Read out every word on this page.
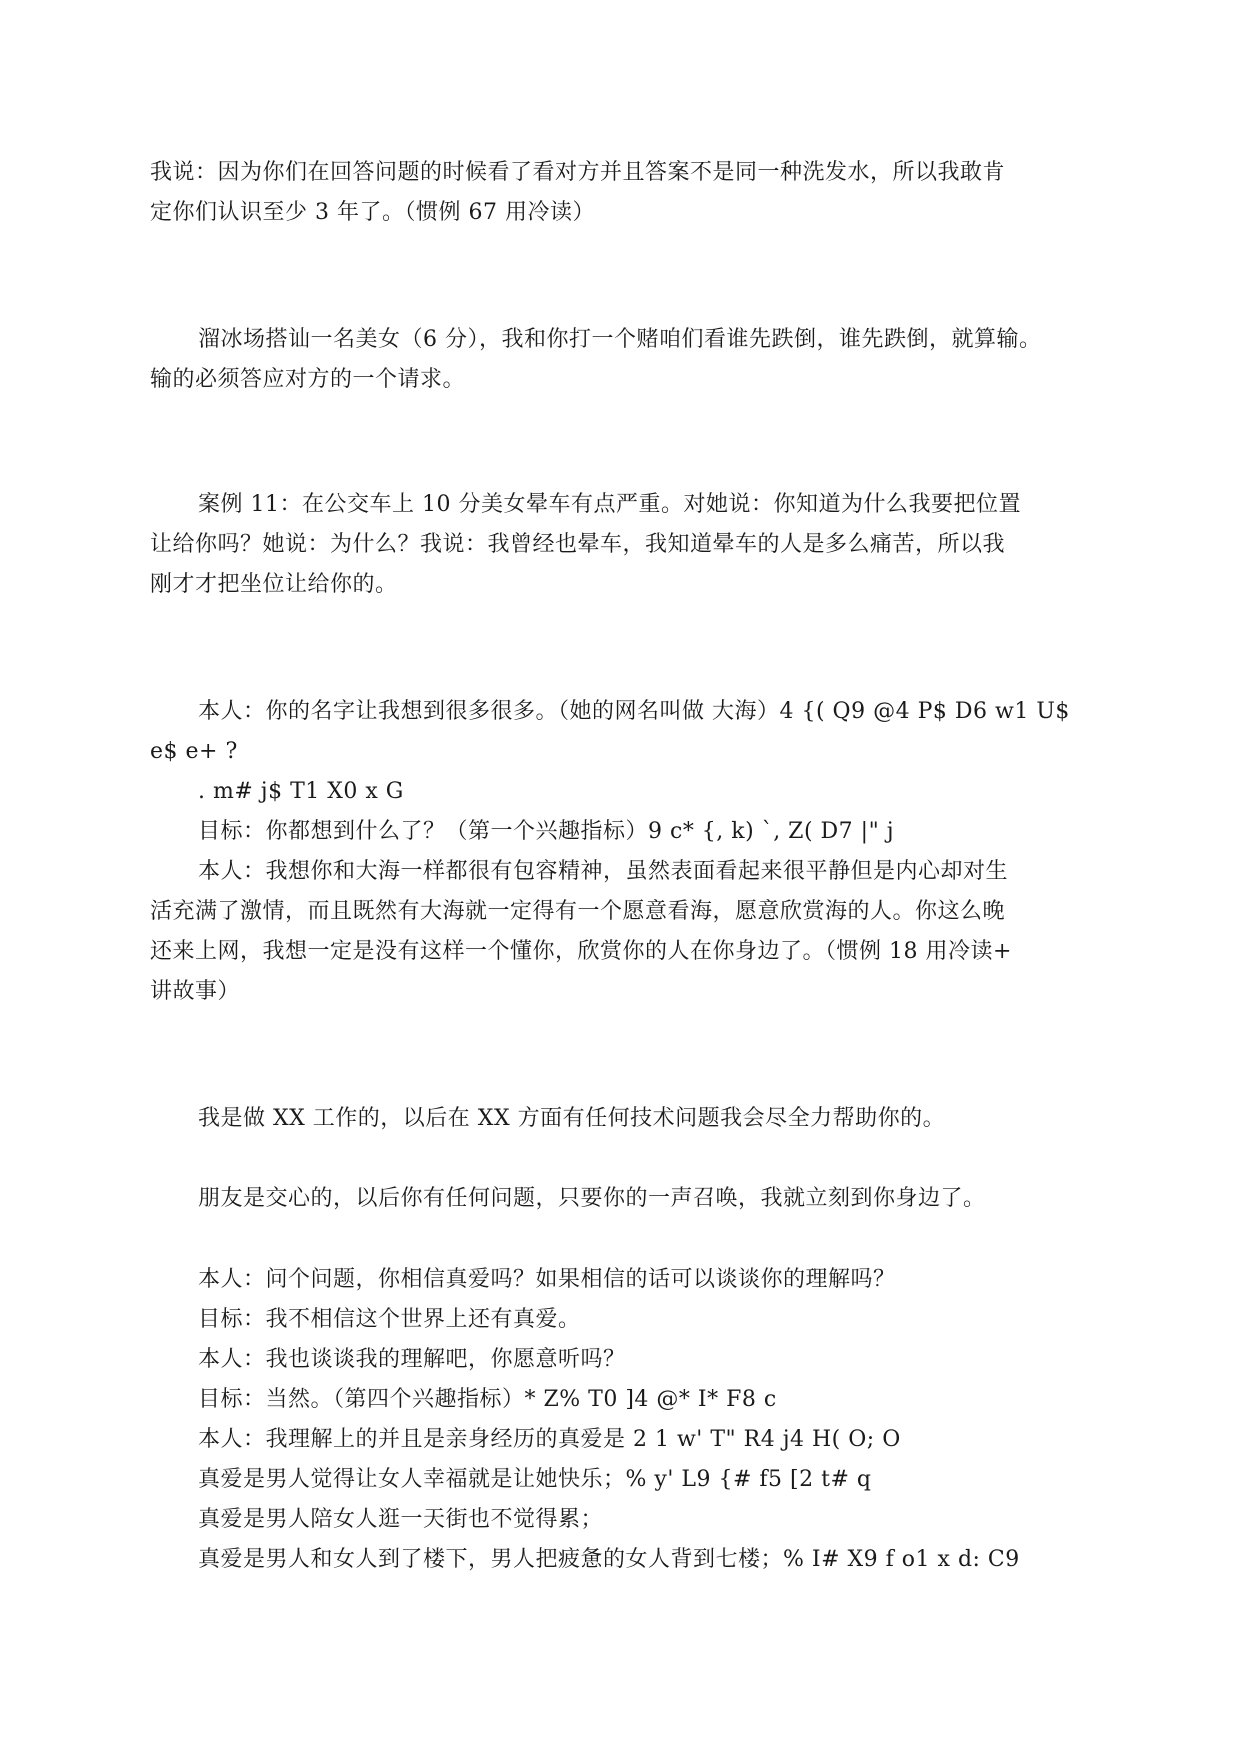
我说：因为你们在回答问题的时候看了看对方并且答案不是同一种洗发水，所以我敢肯
定你们认识至少 3 年了。（惯例 67 用冷读）
溜冰场搭讪一名美女（6 分），我和你打一个赌咱们看谁先跌倒，谁先跌倒，就算输。
输的必须答应对方的一个请求。
案例 11：在公交车上 10 分美女晕车有点严重。对她说：你知道为什么我要把位置
让给你吗？她说：为什么？我说：我曾经也晕车，我知道晕车的人是多么痛苦，所以我
刚才才把坐位让给你的。
本人：你的名字让我想到很多很多。（她的网名叫做 大海）4 {( Q9 @4 P$ D6 w1 U$
e$ e+ ?
. m# j$ T1 X0 x G
目标：你都想到什么了？（第一个兴趣指标）9 c* {, k) `, Z( D7 |" j
本人：我想你和大海一样都很有包容精神，虽然表面看起来很平静但是内心却对生
活充满了激情，而且既然有大海就一定得有一个愿意看海，愿意欣赏海的人。你这么晚
还来上网，我想一定是没有这样一个懂你，欣赏你的人在你身边了。（惯例 18 用冷读+
讲故事）
我是做 XX 工作的，以后在 XX 方面有任何技术问题我会尽全力帮助你的。
朋友是交心的，以后你有任何问题，只要你的一声召唤，我就立刻到你身边了。
本人：问个问题，你相信真爱吗？如果相信的话可以谈谈你的理解吗？
目标：我不相信这个世界上还有真爱。
本人：我也谈谈我的理解吧，你愿意听吗？
目标：当然。（第四个兴趣指标）* Z% T0 ]4 @* I* F8 c
本人：我理解上的并且是亲身经历的真爱是 2 1 w' T" R4 j4 H( O; O
真爱是男人觉得让女人幸福就是让她快乐；% y' L9 {# f5 [2 t# q
真爱是男人陪女人逛一天街也不觉得累；
真爱是男人和女人到了楼下，男人把疲惫的女人背到七楼；% I# X9 f o1 x d: C9
